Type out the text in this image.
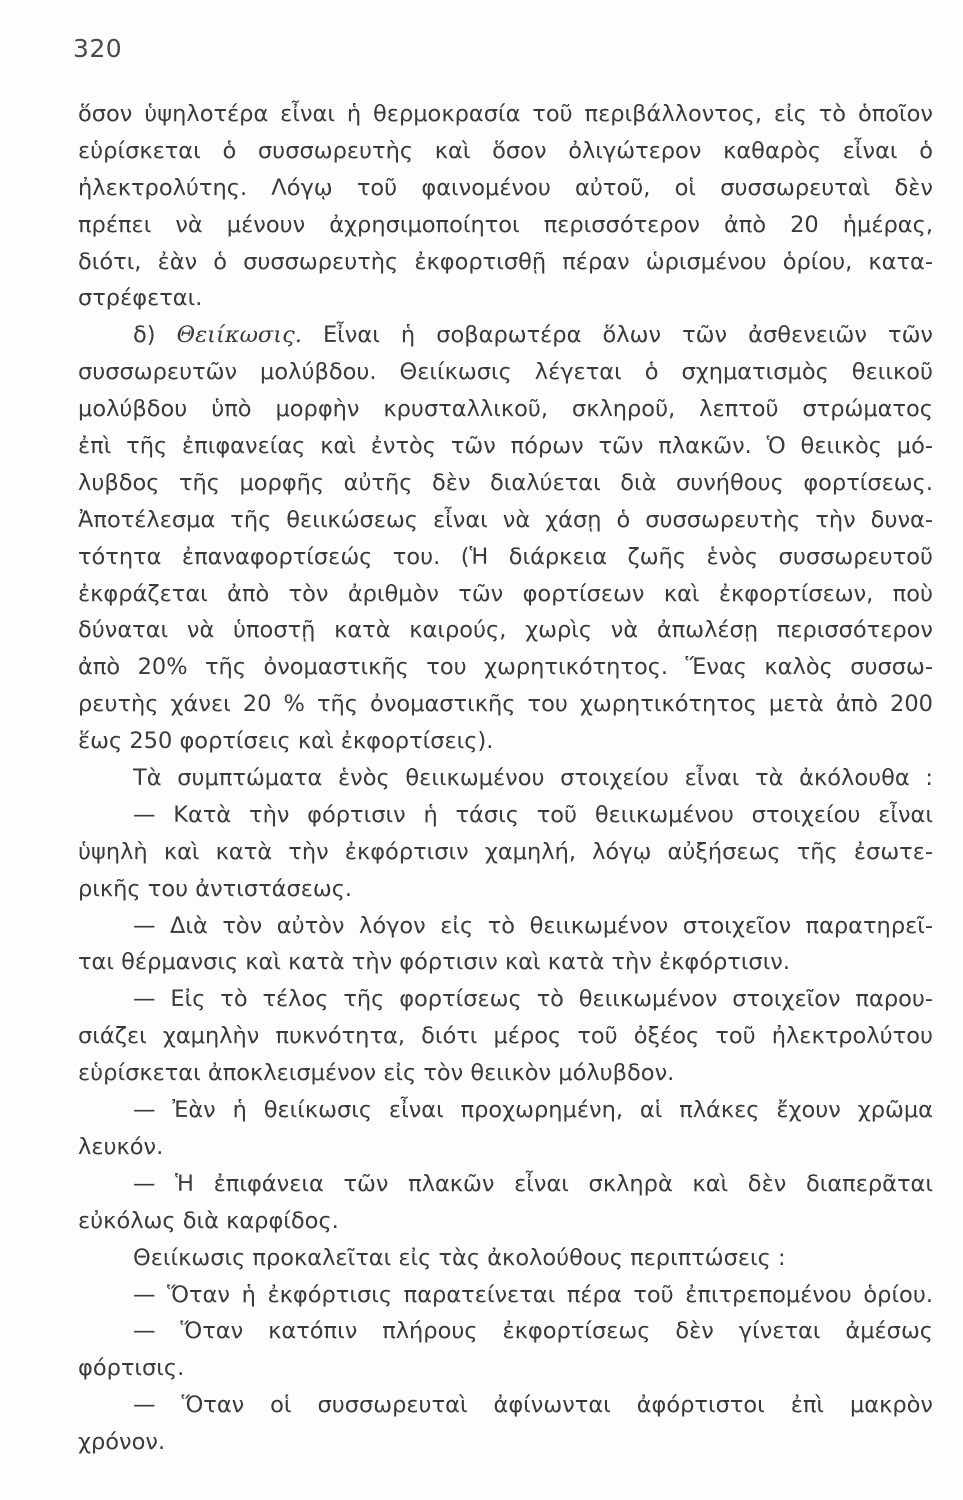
320
ὅσον ὑψηλοτέρα εἶναι ἡ θερμοκρασία τοῦ περιβάλλοντος, εἰς τὸ ὁποῖον
εὑρίσκεται ὁ συσσωρευτὴς καὶ ὅσον ὀλιγώτερον καθαρὸς εἶναι ὁ
ἠλεκτρολύτης. Λόγῳ τοῦ φαινομένου αὐτοῦ, οἱ συσσωρευταὶ δὲν
πρέπει νὰ μένουν ἀχρησιμοποίητοι περισσότερον ἀπὸ 20 ἡμέρας,
διότι, ἐὰν ὁ συσσωρευτὴς ἐκφορτισθῇ πέραν ὡρισμένου ὁρίου, κατα-
στρέφεται.
δ) Θειίκωσις. Εἶναι ἡ σοβαρωτέρα ὅλων τῶν ἀσθενειῶν τῶν
συσσωρευτῶν μολύβδου. Θειίκωσις λέγεται ὁ σχηματισμὸς θειικοῦ
μολύβδου ὑπὸ μορφὴν κρυσταλλικοῦ, σκληροῦ, λεπτοῦ στρώματος
ἐπὶ τῆς ἐπιφανείας καὶ ἐντὸς τῶν πόρων τῶν πλακῶν. Ὁ θειικὸς μό-
λυβδος τῆς μορφῆς αὐτῆς δὲν διαλύεται διὰ συνήθους φορτίσεως.
Ἀποτέλεσμα τῆς θειικώσεως εἶναι νὰ χάσῃ ὁ συσσωρευτὴς τὴν δυνα-
τότητα ἐπαναφορτίσεώς του. (Ἡ διάρκεια ζωῆς ἑνὸς συσσωρευτοῦ
ἐκφράζεται ἀπὸ τὸν ἀριθμὸν τῶν φορτίσεων καὶ ἐκφορτίσεων, ποὺ
δύναται νὰ ὑποστῇ κατὰ καιρούς, χωρὶς νὰ ἀπωλέσῃ περισσότερον
ἀπὸ 20% τῆς ὀνομαστικῆς του χωρητικότητος. Ἕνας καλὸς συσσω-
ρευτὴς χάνει 20 % τῆς ὀνομαστικῆς του χωρητικότητος μετὰ ἀπὸ 200
ἕως 250 φορτίσεις καὶ ἐκφορτίσεις).
Τὰ συμπτώματα ἑνὸς θειικωμένου στοιχείου εἶναι τὰ ἀκόλουθα :
— Κατὰ τὴν φόρτισιν ἡ τάσις τοῦ θειικωμένου στοιχείου εἶναι
ὑψηλὴ καὶ κατὰ τὴν ἐκφόρτισιν χαμηλή, λόγῳ αὐξήσεως τῆς ἐσωτε-
ρικῆς του ἀντιστάσεως.
— Διὰ τὸν αὐτὸν λόγον εἰς τὸ θειικωμένον στοιχεῖον παρατηρεῖ-
ται θέρμανσις καὶ κατὰ τὴν φόρτισιν καὶ κατὰ τὴν ἐκφόρτισιν.
— Εἰς τὸ τέλος τῆς φορτίσεως τὸ θειικωμένον στοιχεῖον παρου-
σιάζει χαμηλὴν πυκνότητα, διότι μέρος τοῦ ὀξέος τοῦ ἠλεκτρολύτου
εὑρίσκεται ἀποκλεισμένον εἰς τὸν θειικὸν μόλυβδον.
— Ἐὰν ἡ θειίκωσις εἶναι προχωρημένη, αἱ πλάκες ἔχουν χρῶμα
λευκόν.
— Ἡ ἐπιφάνεια τῶν πλακῶν εἶναι σκληρὰ καὶ δὲν διαπερᾶται
εὐκόλως διὰ καρφίδος.
Θειίκωσις προκαλεῖται εἰς τὰς ἀκολούθους περιπτώσεις :
— Ὅταν ἡ ἐκφόρτισις παρατείνεται πέρα τοῦ ἐπιτρεπομένου ὁρίου.
— Ὅταν κατόπιν πλήρους ἐκφορτίσεως δὲν γίνεται ἀμέσως
φόρτισις.
— Ὅταν οἱ συσσωρευταὶ ἀφίνωνται ἀφόρτιστοι ἐπὶ μακρὸν
χρόνον.
